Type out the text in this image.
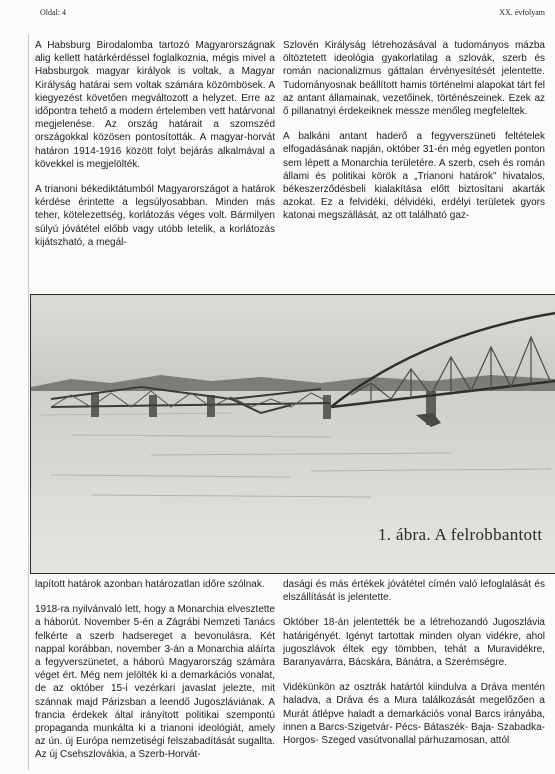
Oldal: 4	XX. évfolyam

A Habsburg Birodalomba tartozó Magyarországnak alig kellett határkérdéssel foglalkoznia, mégis mivel a Habsburgok magyar királyok is voltak, a Magyar Királyság határai sem voltak számára közömbösek. A kiegyezést követően megváltozott a helyzet. Erre az időpontra tehető a modern értelemben vett határvonal megjelenése. Az ország határait a szomszéd országokkal közösen pontosították. A magyar-horvát határon 1914-1916 között folyt bejárás alkalmával a kövekkel is megjelölték.

A trianoni békediktátumból Magyarországot a határok kérdése érintette a legsúlyosabban. Minden más teher, kötelezettség, korlátozás véges volt. Bármilyen súlyú jóvátétel előbb vagy utóbb letelik, a korlátozás kijátszható, a megál-

Szlovén Királyság létrehozásával a tudományos mázba öltöztetett ideológia gyakorlatilag a szlovák, szerb és román nacionalizmus gáttalan érvényesítését jelentette. Tudományosnak beállított hamis történelmi alapokat tárt fel az antant államainak, vezetőinek, történészeinek. Ezek az ő pillanatnyi érdekeiknek messze menőleg megfeleltek.

A balkáni antant haderő a fegyverszüneti feltételek elfogadásának napján, október 31-én még egyetlen ponton sem lépett a Monarchia területére. A szerb, cseh és román állami és politikai körök a „Trianoni határok" hivatalos, békeszerződésbeli kialakítása előtt biztosítani akarták azokat. Ez a felvidéki, délvidéki, erdélyi területek gyors katonai megszállását, az ott található gaz-

1. ábra. A felrobbantott

lapított határok azonban határozatlan időre szólnak.

1918-ra nyilvánvaló lett, hogy a Monarchia elvesztette a háborút. November 5-én a Zágrábi Nemzeti Tanács felkérte a szerb hadsereget a bevonulásra. Két nappal korábban, november 3-án a Monarchia aláírta a fegyverszünetet, a háború Magyarország számára véget ért. Még nem jelölték ki a demarkációs vonalat, de az október 15-i vezérkari javaslat jelezte, mit szánnak majd Párizsban a leendő Jugoszláviának. A francia érdekek által irányított politikai szempontú propaganda munkálta ki a trianoni ideológiát, amely az ún. új Európa nemzetiségi felszabadítását sugallta. Az új Csehszlovákia, a Szerb-Horvát-

dasági és más értékek jóvátétel címén való lefoglalását és elszállítását is jelentette.

Október 18-án jelentették be a létrehozandó Jugoszlávia határigényét. Igényt tartottak minden olyan vidékre, ahol jugoszlávok éltek egy tömbben, tehát a Muravidékre, Baranyavárra, Bácskára, Bánátra, a Szerémségre.

Vidékünkön az osztrák határtól kiindulva a Dráva mentén haladva, a Dráva és a Mura találkozását megelőzően a Murát átlépve haladt a demarkációs vonal Barcs irányába, innen a Barcs-Szigetvár- Pécs- Bátaszék- Baja- Szabadka- Horgos- Szeged vasútvonallal párhuzamosan, attól
